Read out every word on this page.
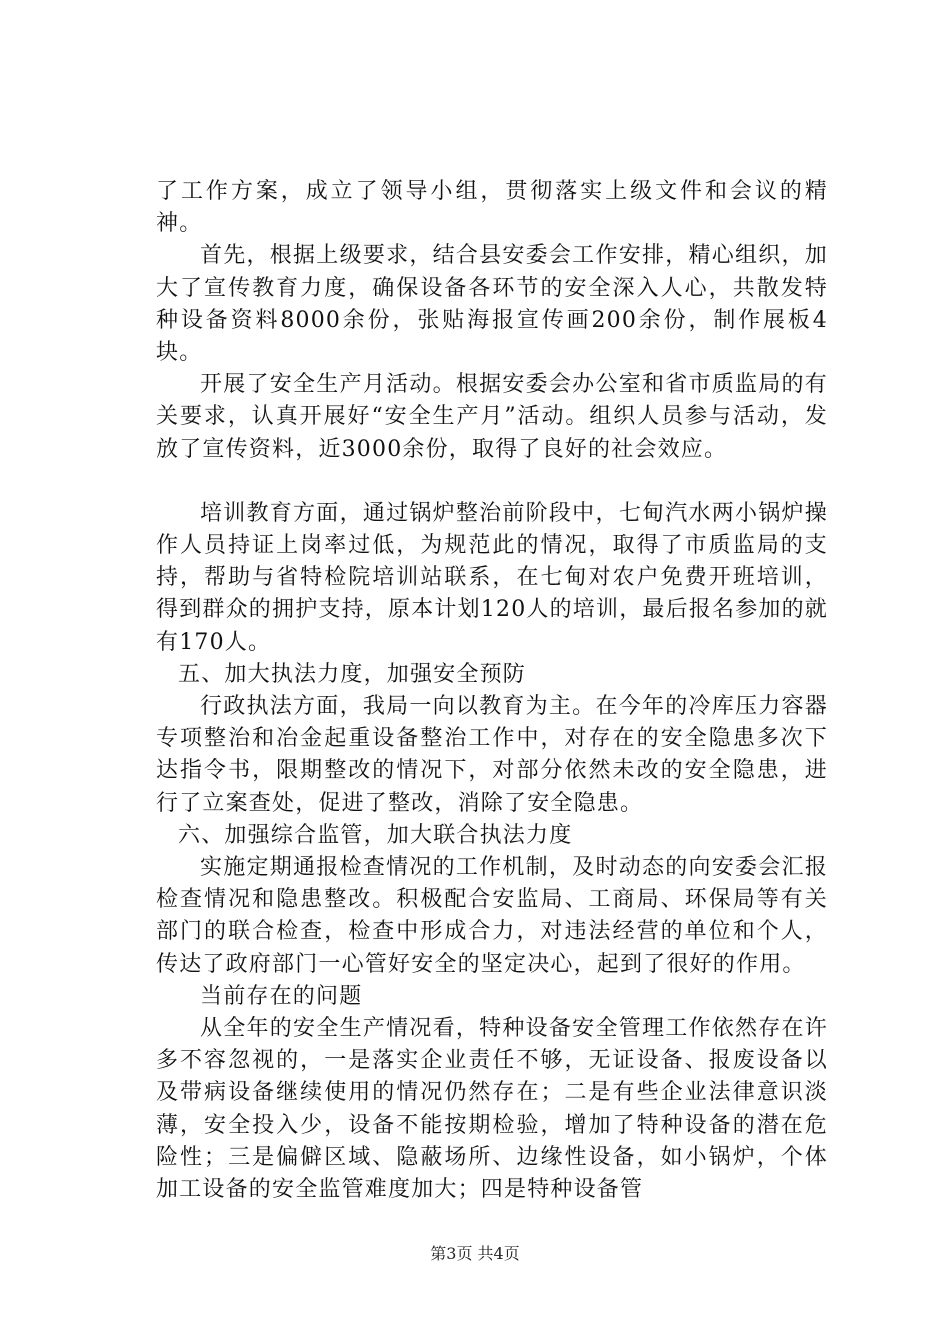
了工作方案，成立了领导小组，贯彻落实上级文件和会议的精神。

首先，根据上级要求，结合县安委会工作安排，精心组织，加大了宣传教育力度，确保设备各环节的安全深入人心，共散发特种设备资料8000余份，张贴海报宣传画200余份，制作展板4块。

开展了安全生产月活动。根据安委会办公室和省市质监局的有关要求，认真开展好“安全生产月”活动。组织人员参与活动，发放了宣传资料，近3000余份，取得了良好的社会效应。

培训教育方面，通过锅炉整治前阶段中，七甸汽水两小锅炉操作人员持证上岗率过低，为规范此的情况，取得了市质监局的支持，帮助与省特检院培训站联系，在七甸对农户免费开班培训，得到群众的拥护支持，原本计划120人的培训，最后报名参加的就有170人。

五、加大执法力度，加强安全预防

行政执法方面，我局一向以教育为主。在今年的冷库压力容器专项整治和冶金起重设备整治工作中，对存在的安全隐患多次下达指令书，限期整改的情况下，对部分依然未改的安全隐患，进行了立案查处，促进了整改，消除了安全隐患。

六、加强综合监管，加大联合执法力度

实施定期通报检查情况的工作机制，及时动态的向安委会汇报检查情况和隐患整改。积极配合安监局、工商局、环保局等有关部门的联合检查，检查中形成合力，对违法经营的单位和个人，传达了政府部门一心管好安全的坚定决心，起到了很好的作用。

当前存在的问题

从全年的安全生产情况看，特种设备安全管理工作依然存在许多不容忽视的，一是落实企业责任不够，无证设备、报废设备以及带病设备继续使用的情况仍然存在；二是有些企业法律意识淡薄，安全投入少，设备不能按期检验，增加了特种设备的潜在危险性；三是偏僻区域、隐蔽场所、边缘性设备，如小锅炉，个体加工设备的安全监管难度加大；四是特种设备管

第3页 共4页
